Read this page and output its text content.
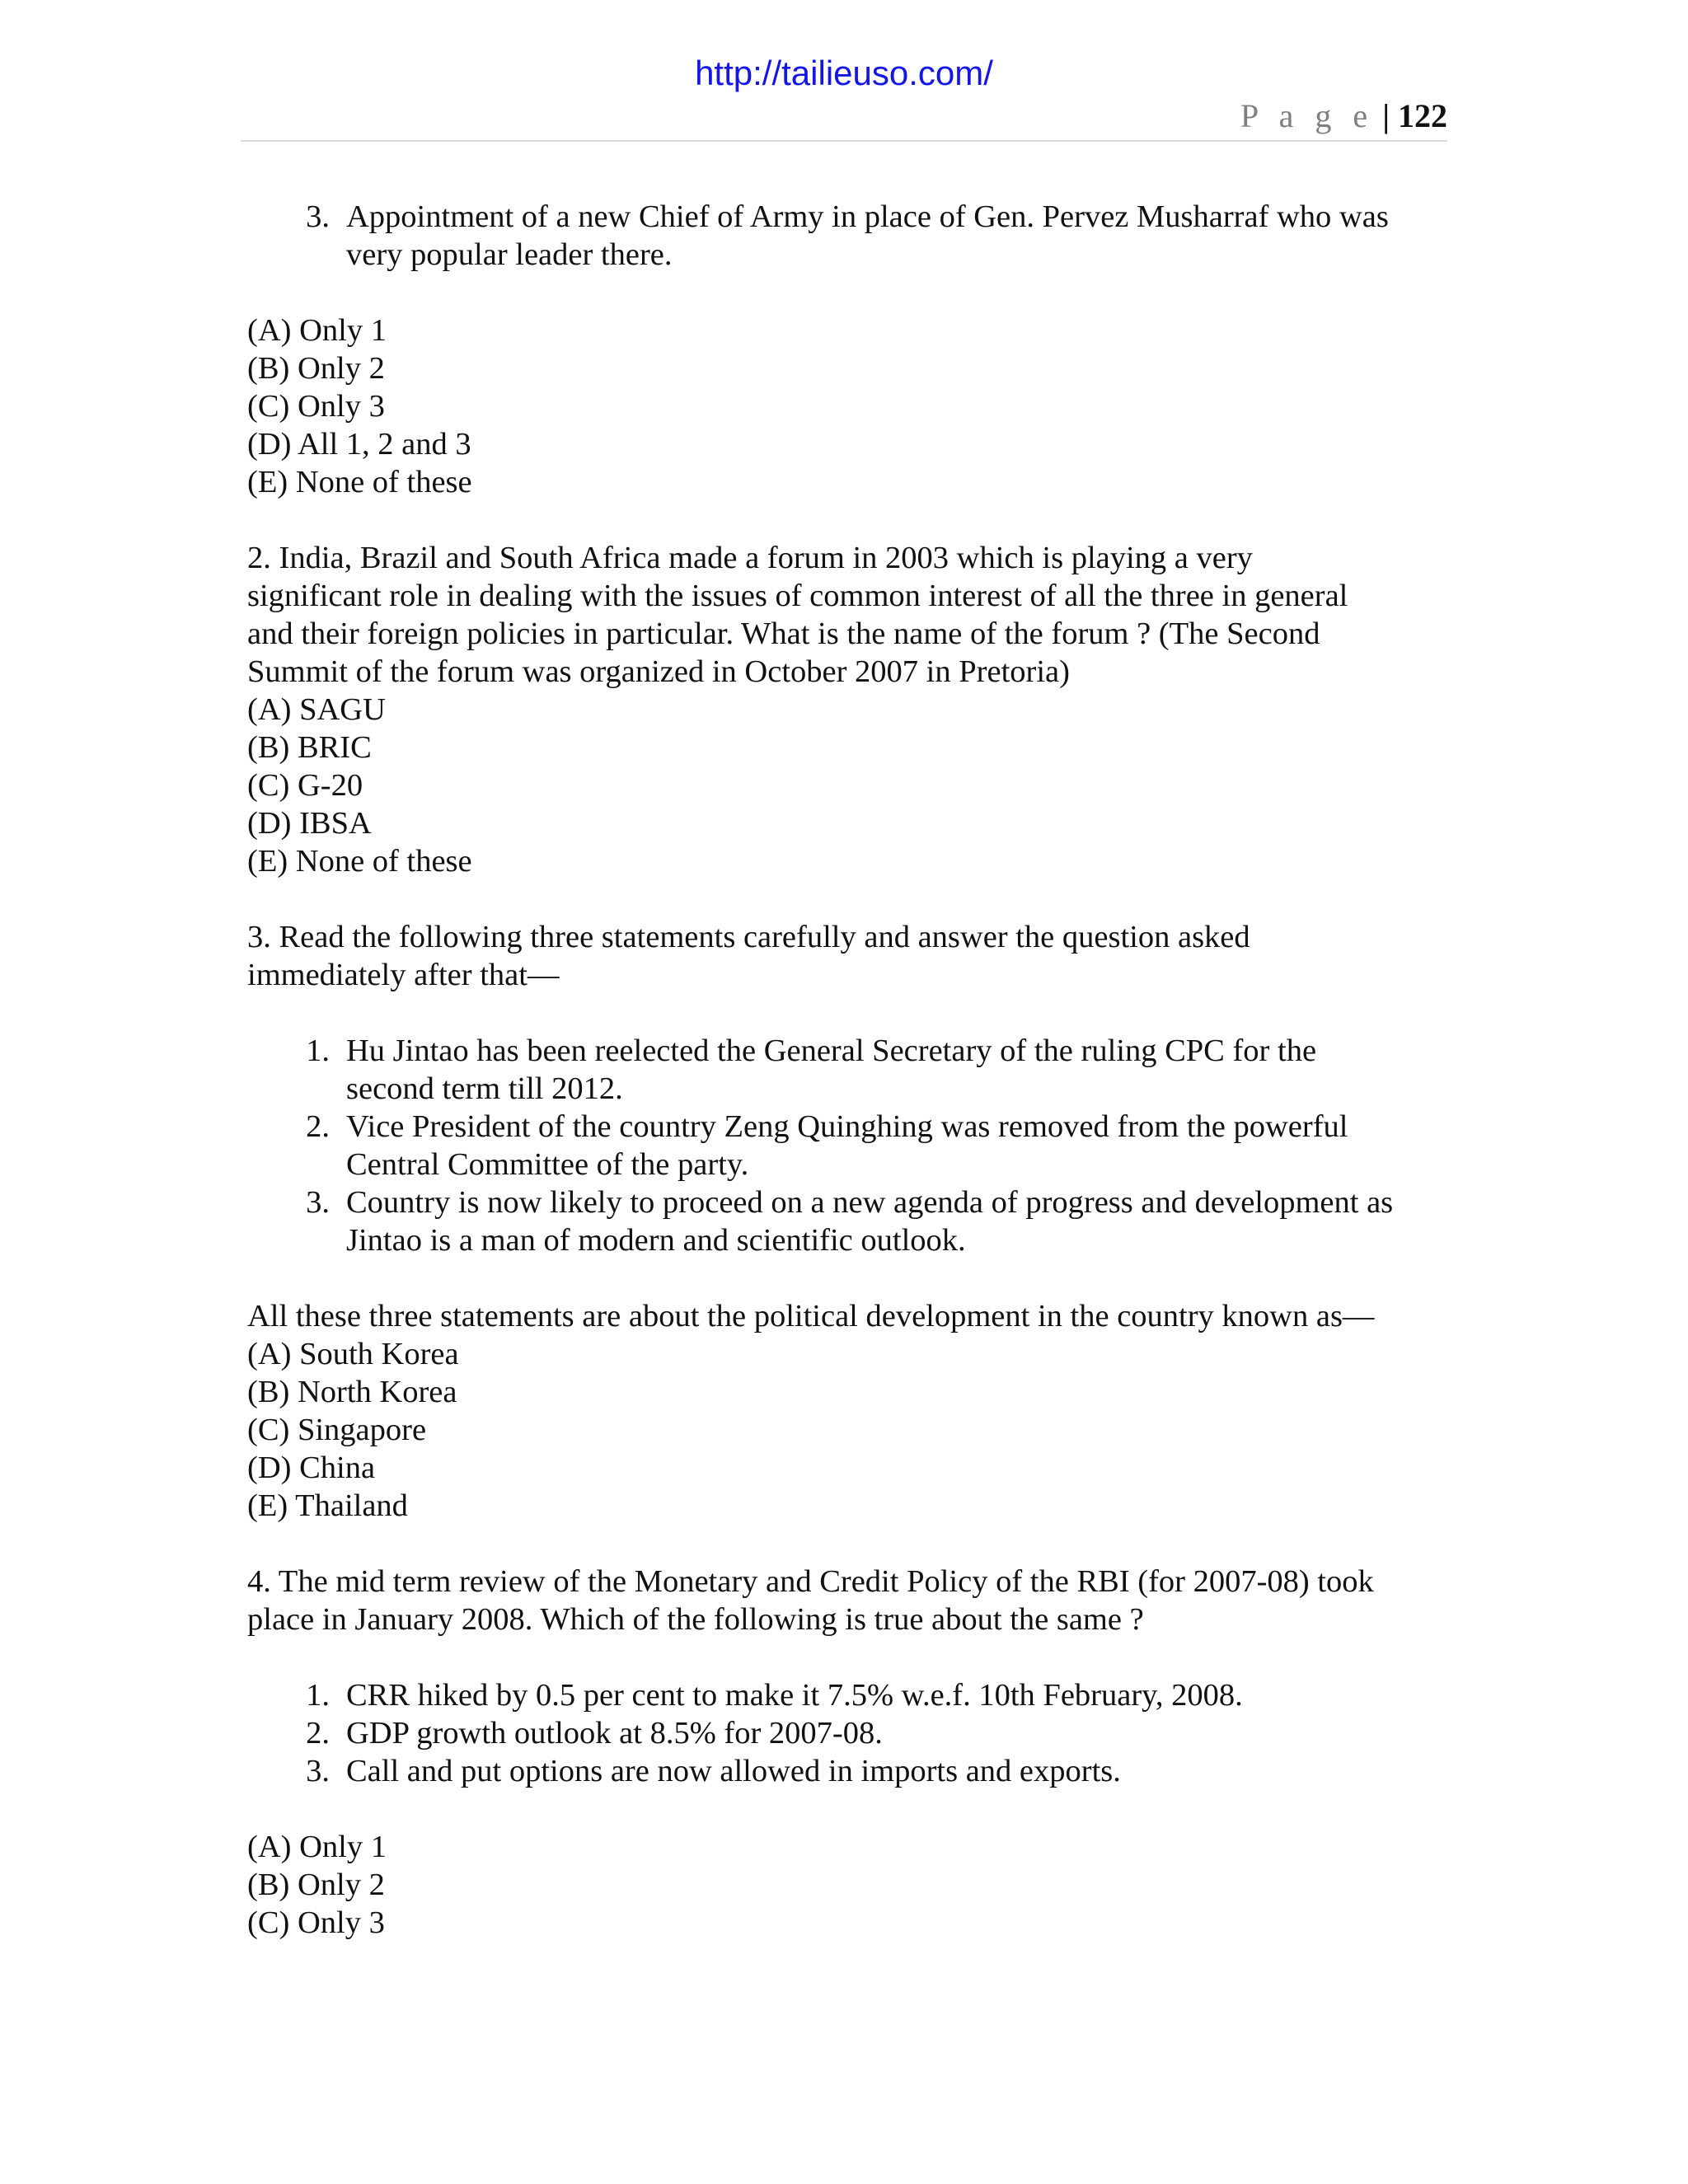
http://tailieuso.com/
P a g e | 122
3. Appointment of a new Chief of Army in place of Gen. Pervez Musharraf who was
very popular leader there.
(A) Only 1
(B) Only 2
(C) Only 3
(D) All 1, 2 and 3
(E) None of these
2. India, Brazil and South Africa made a forum in 2003 which is playing a very
significant role in dealing with the issues of common interest of all the three in general
and their foreign policies in particular. What is the name of the forum ? (The Second
Summit of the forum was organized in October 2007 in Pretoria)
(A) SAGU
(B) BRIC
(C) G-20
(D) IBSA
(E) None of these
3. Read the following three statements carefully and answer the question asked
immediately after that—
1. Hu Jintao has been reelected the General Secretary of the ruling CPC for the
second term till 2012.
2. Vice President of the country Zeng Quinghing was removed from the powerful
Central Committee of the party.
3. Country is now likely to proceed on a new agenda of progress and development as
Jintao is a man of modern and scientific outlook.
All these three statements are about the political development in the country known as—
(A) South Korea
(B) North Korea
(C) Singapore
(D) China
(E) Thailand
4. The mid term review of the Monetary and Credit Policy of the RBI (for 2007-08) took
place in January 2008. Which of the following is true about the same ?
1. CRR hiked by 0.5 per cent to make it 7.5% w.e.f. 10th February, 2008.
2. GDP growth outlook at 8.5% for 2007-08.
3. Call and put options are now allowed in imports and exports.
(A) Only 1
(B) Only 2
(C) Only 3
